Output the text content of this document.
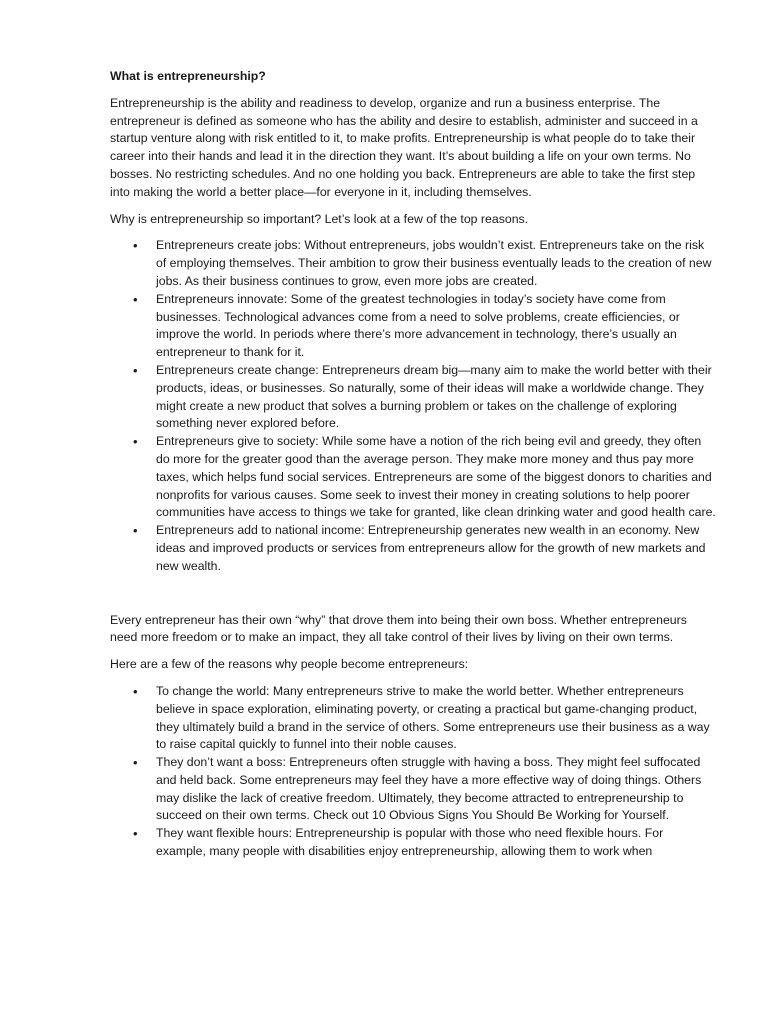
What is entrepreneurship?

Entrepreneurship is the ability and readiness to develop, organize and run a business enterprise. The entrepreneur is defined as someone who has the ability and desire to establish, administer and succeed in a startup venture along with risk entitled to it, to make profits. Entrepreneurship is what people do to take their career into their hands and lead it in the direction they want. It’s about building a life on your own terms. No bosses. No restricting schedules. And no one holding you back. Entrepreneurs are able to take the first step into making the world a better place—for everyone in it, including themselves.

Why is entrepreneurship so important? Let’s look at a few of the top reasons.

• Entrepreneurs create jobs: Without entrepreneurs, jobs wouldn’t exist. Entrepreneurs take on the risk of employing themselves. Their ambition to grow their business eventually leads to the creation of new jobs. As their business continues to grow, even more jobs are created.
• Entrepreneurs innovate: Some of the greatest technologies in today’s society have come from businesses. Technological advances come from a need to solve problems, create efficiencies, or improve the world. In periods where there’s more advancement in technology, there’s usually an entrepreneur to thank for it.
• Entrepreneurs create change: Entrepreneurs dream big—many aim to make the world better with their products, ideas, or businesses. So naturally, some of their ideas will make a worldwide change. They might create a new product that solves a burning problem or takes on the challenge of exploring something never explored before.
• Entrepreneurs give to society: While some have a notion of the rich being evil and greedy, they often do more for the greater good than the average person. They make more money and thus pay more taxes, which helps fund social services. Entrepreneurs are some of the biggest donors to charities and nonprofits for various causes. Some seek to invest their money in creating solutions to help poorer communities have access to things we take for granted, like clean drinking water and good health care.
• Entrepreneurs add to national income: Entrepreneurship generates new wealth in an economy. New ideas and improved products or services from entrepreneurs allow for the growth of new markets and new wealth.

Every entrepreneur has their own “why” that drove them into being their own boss. Whether entrepreneurs need more freedom or to make an impact, they all take control of their lives by living on their own terms.

Here are a few of the reasons why people become entrepreneurs:

• To change the world: Many entrepreneurs strive to make the world better. Whether entrepreneurs believe in space exploration, eliminating poverty, or creating a practical but game-changing product, they ultimately build a brand in the service of others. Some entrepreneurs use their business as a way to raise capital quickly to funnel into their noble causes.
• They don’t want a boss: Entrepreneurs often struggle with having a boss. They might feel suffocated and held back. Some entrepreneurs may feel they have a more effective way of doing things. Others may dislike the lack of creative freedom. Ultimately, they become attracted to entrepreneurship to succeed on their own terms. Check out 10 Obvious Signs You Should Be Working for Yourself.
• They want flexible hours: Entrepreneurship is popular with those who need flexible hours. For example, many people with disabilities enjoy entrepreneurship, allowing them to work when
